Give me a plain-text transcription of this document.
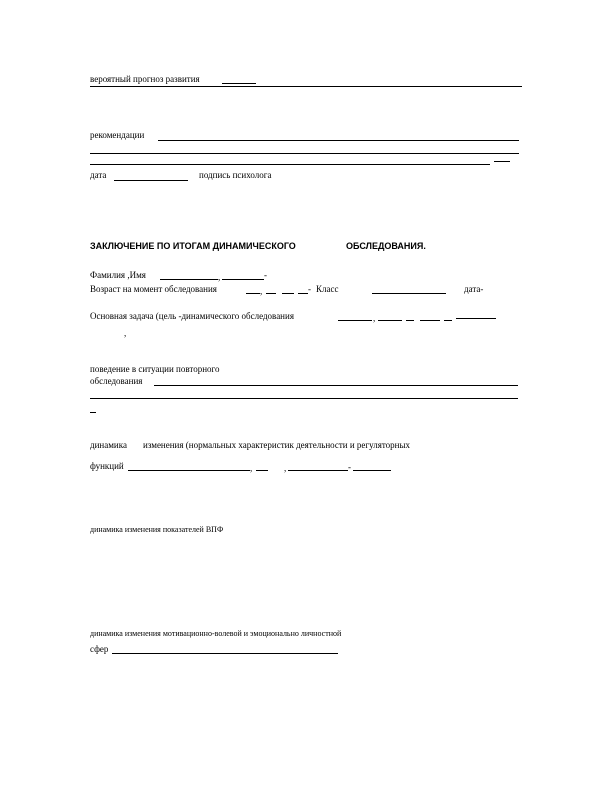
вероятный прогноз развития
рекомендации
дата	подпись психолога
ЗАКЛЮЧЕНИЕ ПО ИТОГАМ ДИНАМИЧЕСКОГО	ОБСЛЕДОВАНИЯ.
Фамилия ,Имя	,	-
Возраст на момент обследования	,	- Класс	дата-
Основная задача (цель -динамического обследования	,
,
поведение в ситуации повторного
обследования
динамика изменения (нормальных характеристик деятельности и регуляторных
функций	,	,	-
динамика изменения показателей ВПФ
динамика изменения мотивационно-волевой и эмоционально личностной
сфер
